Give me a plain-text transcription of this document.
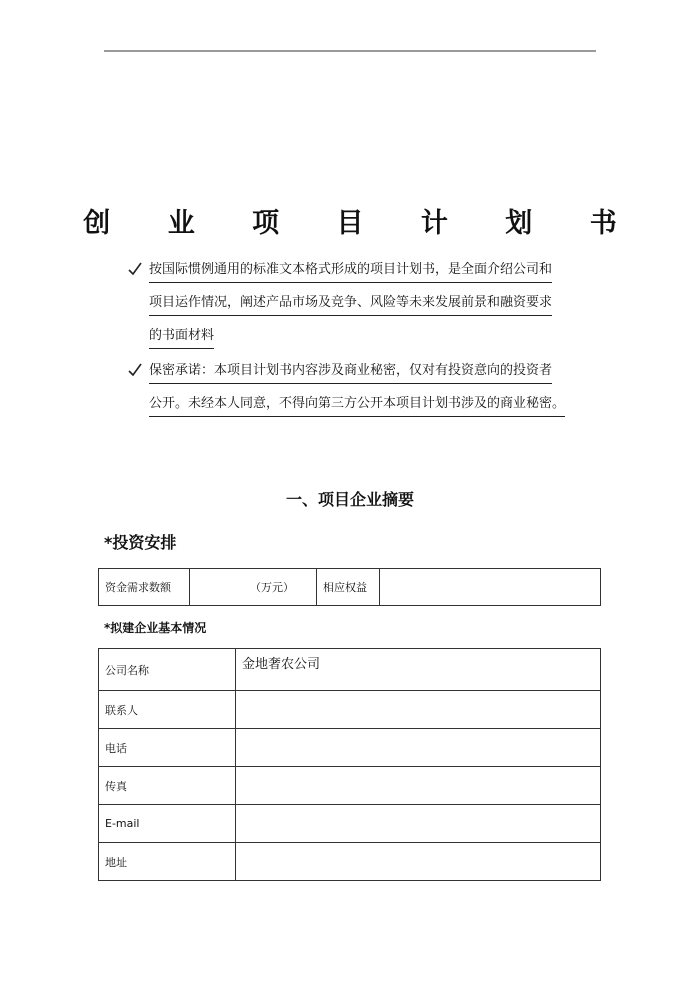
创 业 项 目 计 划 书
按国际惯例通用的标准文本格式形成的项目计划书，是全面介绍公司和
项目运作情况，阐述产品市场及竞争、风险等未来发展前景和融资要求
的书面材料
保密承诺：本项目计划书内容涉及商业秘密，仅对有投资意向的投资者
公开。未经本人同意，不得向第三方公开本项目计划书涉及的商业秘密。
一、项目企业摘要
*投资安排
资金需求数额	（万元）	相应权益	
*拟建企业基本情况
公司名称	金地奢农公司
联系人	
电话	
传真	
E-mail	
地址	
